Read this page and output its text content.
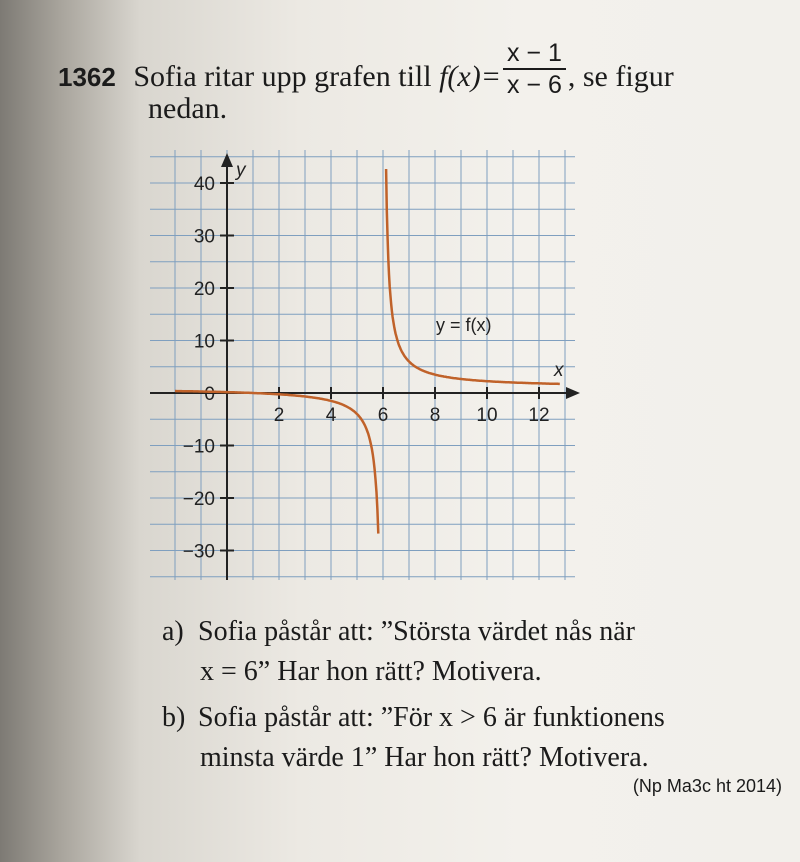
1362 Sofia ritar upp grafen till $f(x)= \frac{x - 1}{x - 6}$ , se figur
nedan.
2 4 6 8 10 12
40
30
20
10
0
−10
−20
−30
y
x
y = f(x)
a) Sofia påstår att: ”Största värdet nås när
x = 6” Har hon rätt? Motivera.
b) Sofia påstår att: ”För x > 6 är funktionens
minsta värde 1” Har hon rätt? Motivera.
(Np Ma3c ht 2014)
